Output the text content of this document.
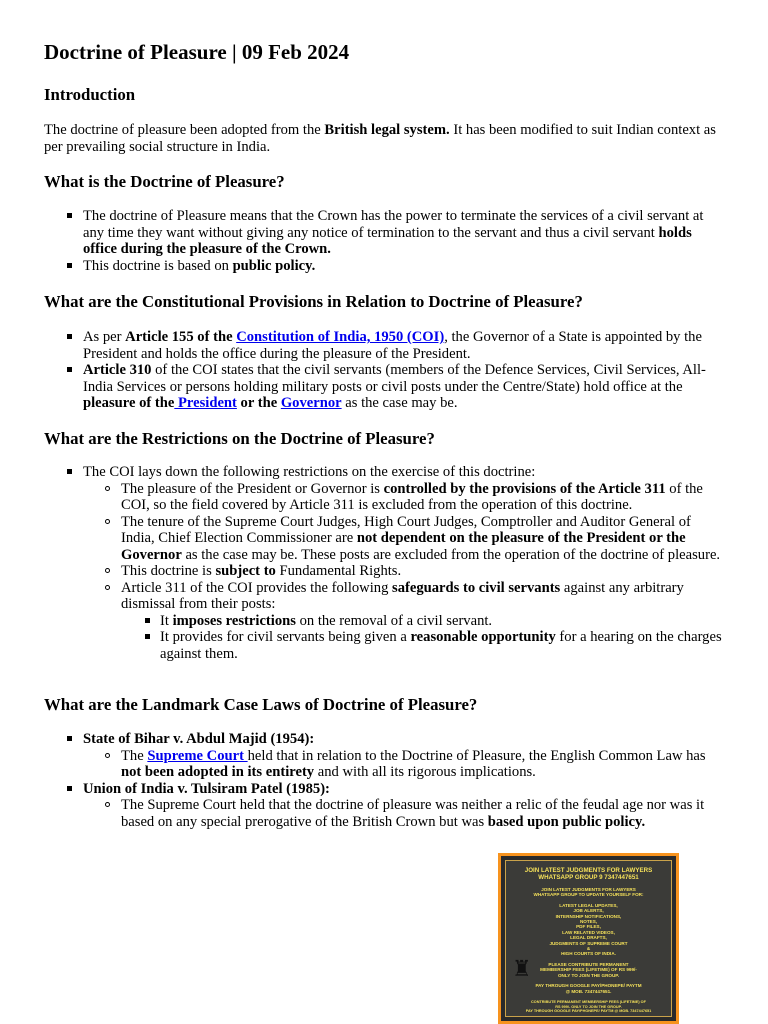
Doctrine of Pleasure | 09 Feb 2024
Introduction

The doctrine of pleasure been adopted from the British legal system. It has been modified to suit Indian context as per prevailing social structure in India.

What is the Doctrine of Pleasure?
The doctrine of Pleasure means that the Crown has the power to terminate the services of a civil servant at any time they want without giving any notice of termination to the servant and thus a civil servant holds office during the pleasure of the Crown.
This doctrine is based on public policy.
What are the Constitutional Provisions in Relation to Doctrine of Pleasure?
As per Article 155 of the Constitution of India, 1950 (COI), the Governor of a State is appointed by the President and holds the office during the pleasure of the President.
Article 310 of the COI states that the civil servants (members of the Defence Services, Civil Services, All-India Services or persons holding military posts or civil posts under the Centre/State) hold office at the pleasure of the President or the Governor as the case may be.
What are the Restrictions on the Doctrine of Pleasure?
The COI lays down the following restrictions on the exercise of this doctrine:
The pleasure of the President or Governor is controlled by the provisions of the Article 311 of the COI, so the field covered by Article 311 is excluded from the operation of this doctrine.
The tenure of the Supreme Court Judges, High Court Judges, Comptroller and Auditor General of India, Chief Election Commissioner are not dependent on the pleasure of the President or the Governor as the case may be. These posts are excluded from the operation of the doctrine of pleasure.
This doctrine is subject to Fundamental Rights.
Article 311 of the COI provides the following safeguards to civil servants against any arbitrary dismissal from their posts:
It imposes restrictions on the removal of a civil servant.
It provides for civil servants being given a reasonable opportunity for a hearing on the charges against them.
What are the Landmark Case Laws of Doctrine of Pleasure?
State of Bihar v. Abdul Majid (1954):
The Supreme Court held that in relation to the Doctrine of Pleasure, the English Common Law has not been adopted in its entirety and with all its rigorous implications.
Union of India v. Tulsiram Patel (1985):
The Supreme Court held that the doctrine of pleasure was neither a relic of the feudal age nor was it based on any special prerogative of the British Crown but was based upon public policy.
JOIN LATEST JUDGMENTS FOR LAWYERS
WHATSAPP GROUP 9 7347447651
JOIN LATEST JUDGMENTS FOR LAWYERS
WHATSAPP GROUP TO UPDATE YOURSELF FOR:
LATEST LEGAL UPDATES,
JOB ALERTS,
INTERNSHIP NOTIFICATIONS,
NOTES,
PDF FILES,
LAW RELATED VIDEOS,
LEGAL DRAFTS,
JUDGMENTS OF SUPREME COURT
&
HIGH COURTS OF INDIA.
PLEASE CONTRIBUTE PERMANENT
MEMBERSHIP FEES (LIFETIME) OF RS 999/-
ONLY TO JOIN THE GROUP.
PAY THROUGH GOOGLE PAY/PHONEPE/ PAYTM
@ MOB. 7347447651.
♜
CONTRIBUTE PERMANENT MEMBERSHIP FEES (LIFETIME) OF
RS 999/- ONLY TO JOIN THE GROUP.
PAY THROUGH GOOGLE PAY/PHONEPE/ PAYTM @ MOB. 7347447651
